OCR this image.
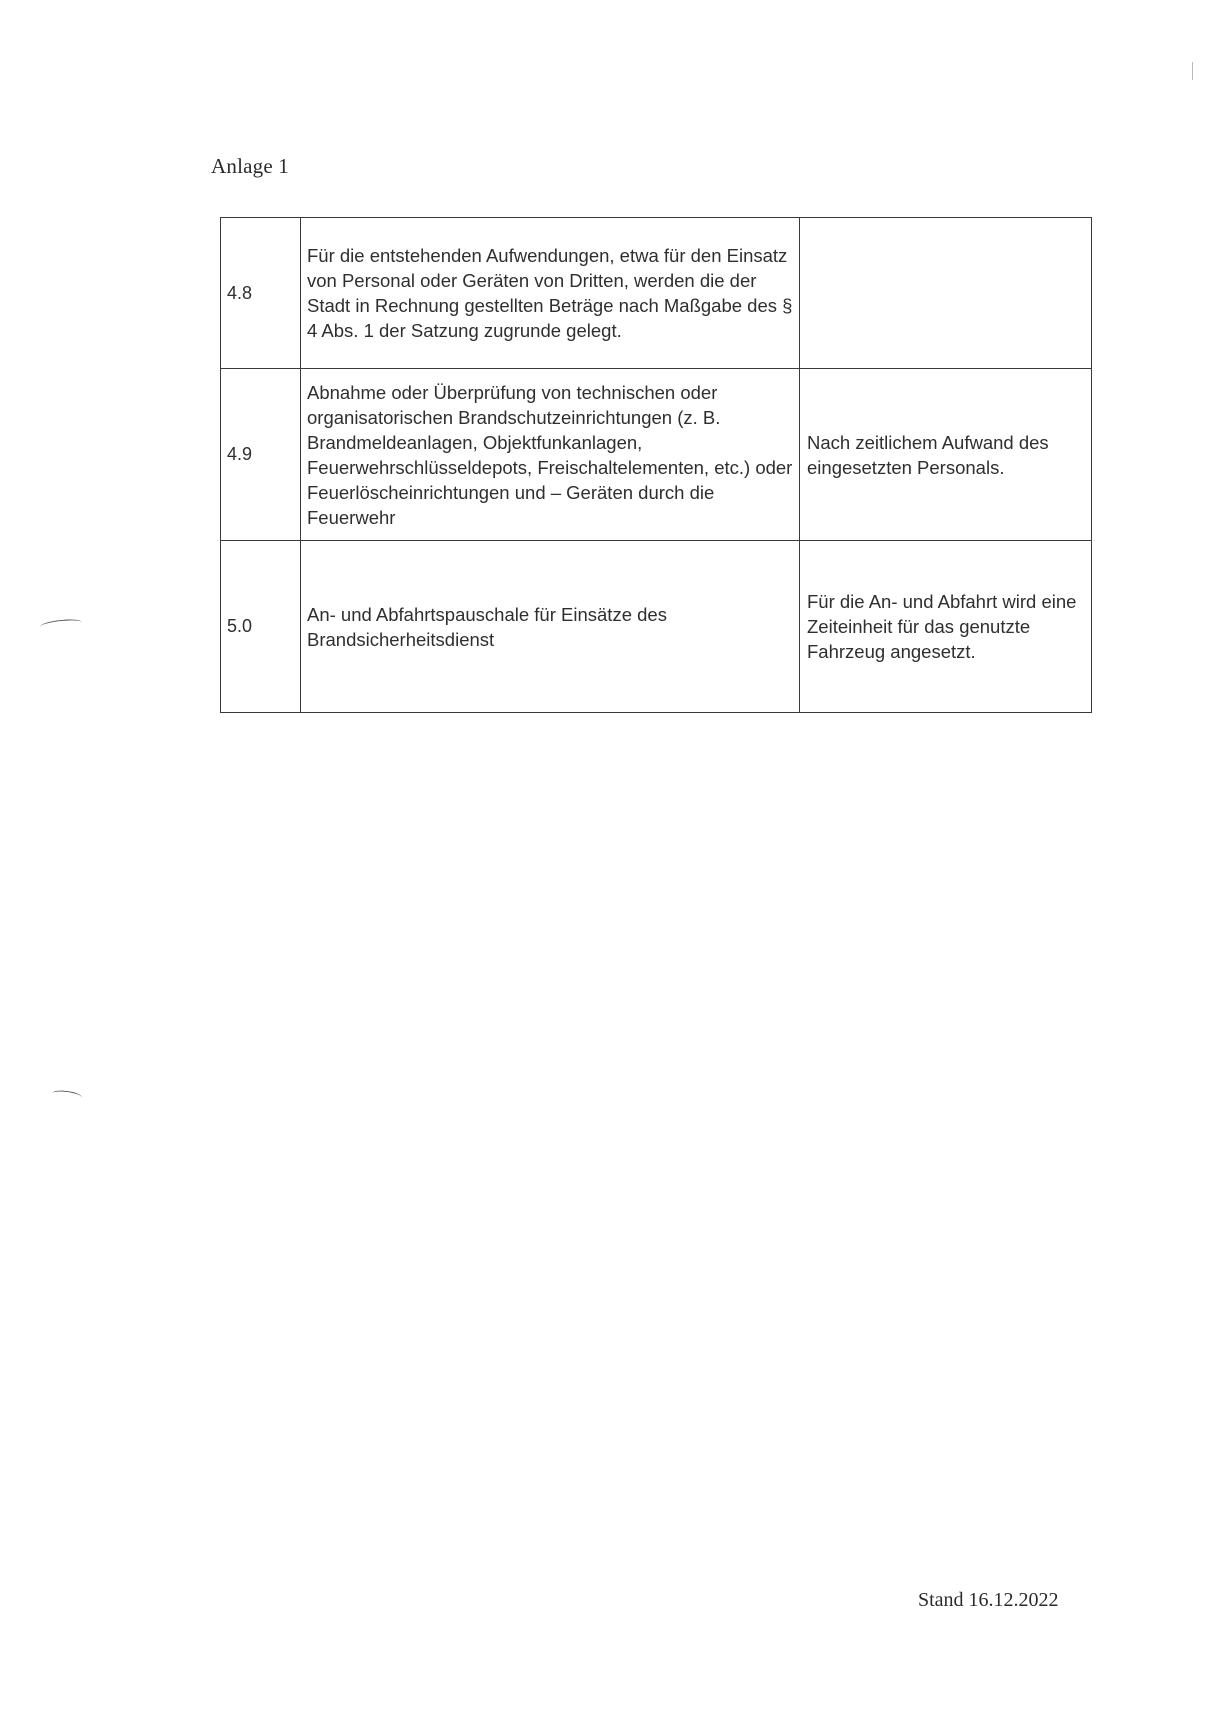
Anlage 1
4.8	Für die entstehenden Aufwendungen, etwa für den Einsatz von Personal oder Geräten von Dritten, werden die der Stadt in Rechnung gestellten Beträge nach Maßgabe des § 4 Abs. 1 der Satzung zugrunde gelegt.	
4.9	Abnahme oder Überprüfung von technischen oder organisatorischen Brandschutzeinrichtungen (z. B. Brandmeldeanlagen, Objektfunkanlagen, Feuerwehrschlüsseldepots, Freischaltelementen, etc.) oder Feuerlöscheinrichtungen und – Geräten durch die Feuerwehr	Nach zeitlichem Aufwand des eingesetzten Personals.
5.0	An- und Abfahrtspauschale für Einsätze des Brandsicherheitsdienst	Für die An- und Abfahrt wird eine Zeiteinheit für das genutzte Fahrzeug angesetzt.
Stand 16.12.2022
